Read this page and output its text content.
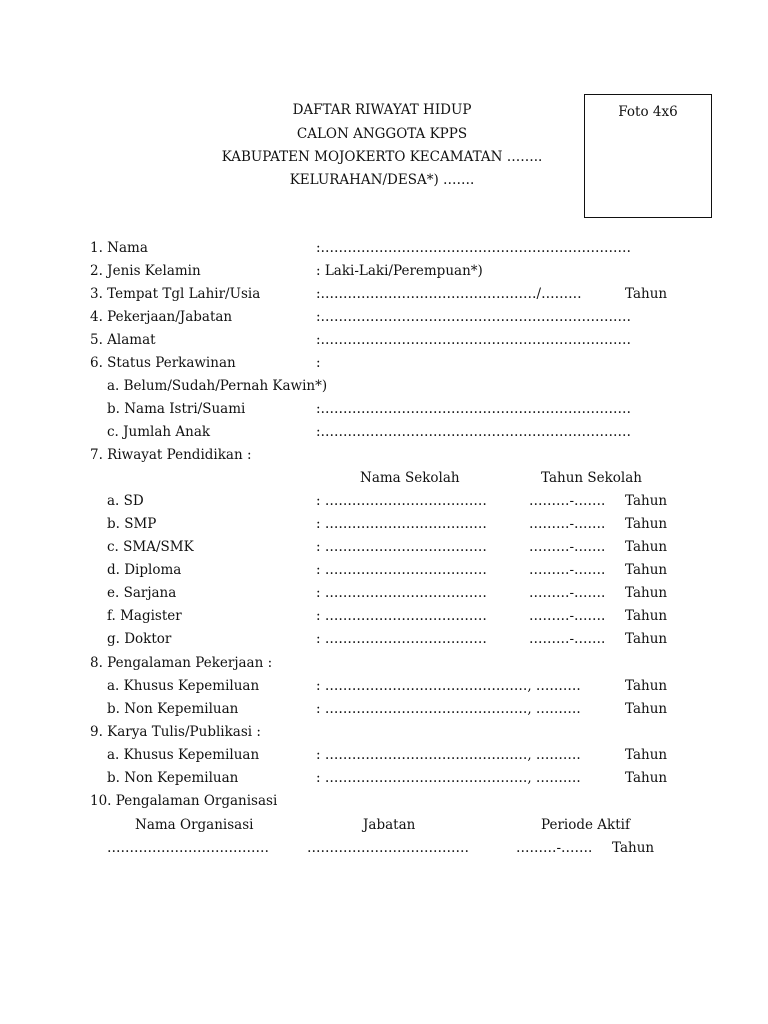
DAFTAR RIWAYAT HIDUP
CALON ANGGOTA KPPS
KABUPATEN MOJOKERTO KECAMATAN ……..
KELURAHAN/DESA*) …….
Foto 4x6
1. Nama	:……………………………………………………………
2. Jenis Kelamin	: Laki-Laki/Perempuan*)
3. Tempat Tgl Lahir/Usia	:…………………………………………/………	Tahun
4. Pekerjaan/Jabatan	:……………………………………………………………
5. Alamat	:……………………………………………………………
6. Status Perkawinan	:
a. Belum/Sudah/Pernah Kawin*)
b. Nama Istri/Suami	:……………………………………………………………
c. Jumlah Anak	:……………………………………………………………
7. Riwayat Pendidikan :
Nama Sekolah	Tahun Sekolah
a. SD	: ………………………………	………-……. Tahun
b. SMP	: ………………………………	………-……. Tahun
c. SMA/SMK	: ………………………………	………-……. Tahun
d. Diploma	: ………………………………	………-……. Tahun
e. Sarjana	: ………………………………	………-……. Tahun
f. Magister	: ………………………………	………-……. Tahun
g. Doktor	: ………………………………	………-……. Tahun
8. Pengalaman Pekerjaan :
a. Khusus Kepemiluan	: ………………………………………, ……….	Tahun
b. Non Kepemiluan	: ………………………………………, ……….	Tahun
9. Karya Tulis/Publikasi :
a. Khusus Kepemiluan	: ………………………………………, ……….	Tahun
b. Non Kepemiluan	: ………………………………………, ……….	Tahun
10. Pengalaman Organisasi
Nama Organisasi	Jabatan	Periode Aktif
………………………………	………………………………	………-……. Tahun
